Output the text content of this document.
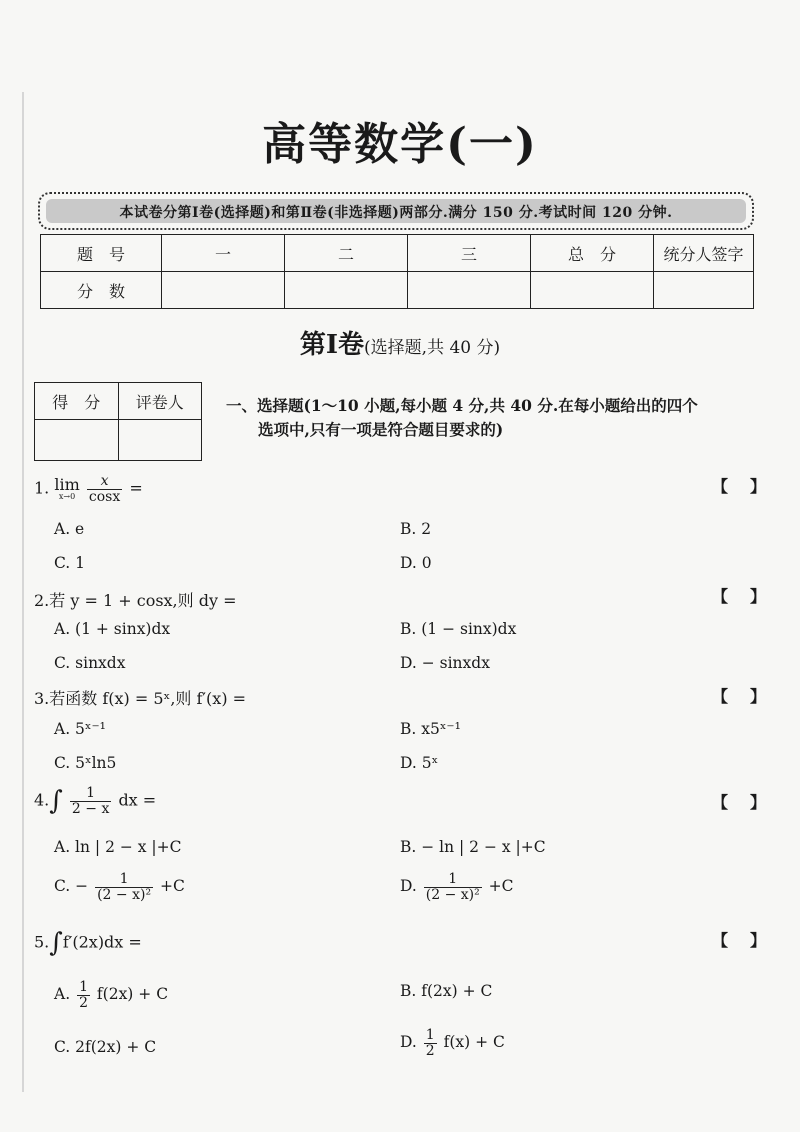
高等数学(一)
本试卷分第Ⅰ卷(选择题)和第Ⅱ卷(非选择题)两部分.满分 150 分.考试时间 120 分钟.
题　号	一	二	三	总　分	统分人签字
分　数					
第Ⅰ卷(选择题,共 40 分)
得　分	评卷人
		一、选择题(1～10 小题,每小题 4 分,共 40 分.在每小题给出的四个
选项中,只有一项是符合题目要求的)
1. lim
x→0
$\frac{x}{\cos x}$ =	【】
A. e	B. 2
C. 1	D. 0
2.若 y = 1 + cosx,则 dy =	【】
A. (1 + sinx)dx	B. (1 − sinx)dx
C. sinxdx	D. − sinxdx
3.若函数 f(x) = 5ˣ,则 f′(x) =	【】
A. 5ˣ⁻¹	B. x5ˣ⁻¹
C. 5ˣln5	D. 5ˣ
$4.\int \frac{1}{2 - x}$ dx =	【】
A. ln | 2 − x |+C	B. − ln | 2 − x |+C
C. − $\frac{1}{\text{(2 − x)²}} +C$	D. $\frac{1}{\text{(2 − x)²}} +C$
5.∫f′(2x)dx =	【】
A. $\frac{1}{2} f(2x) + C$	B. f(2x) + C
C. 2f(2x) + C	D. $\frac{1}{2} f(x) + C$
